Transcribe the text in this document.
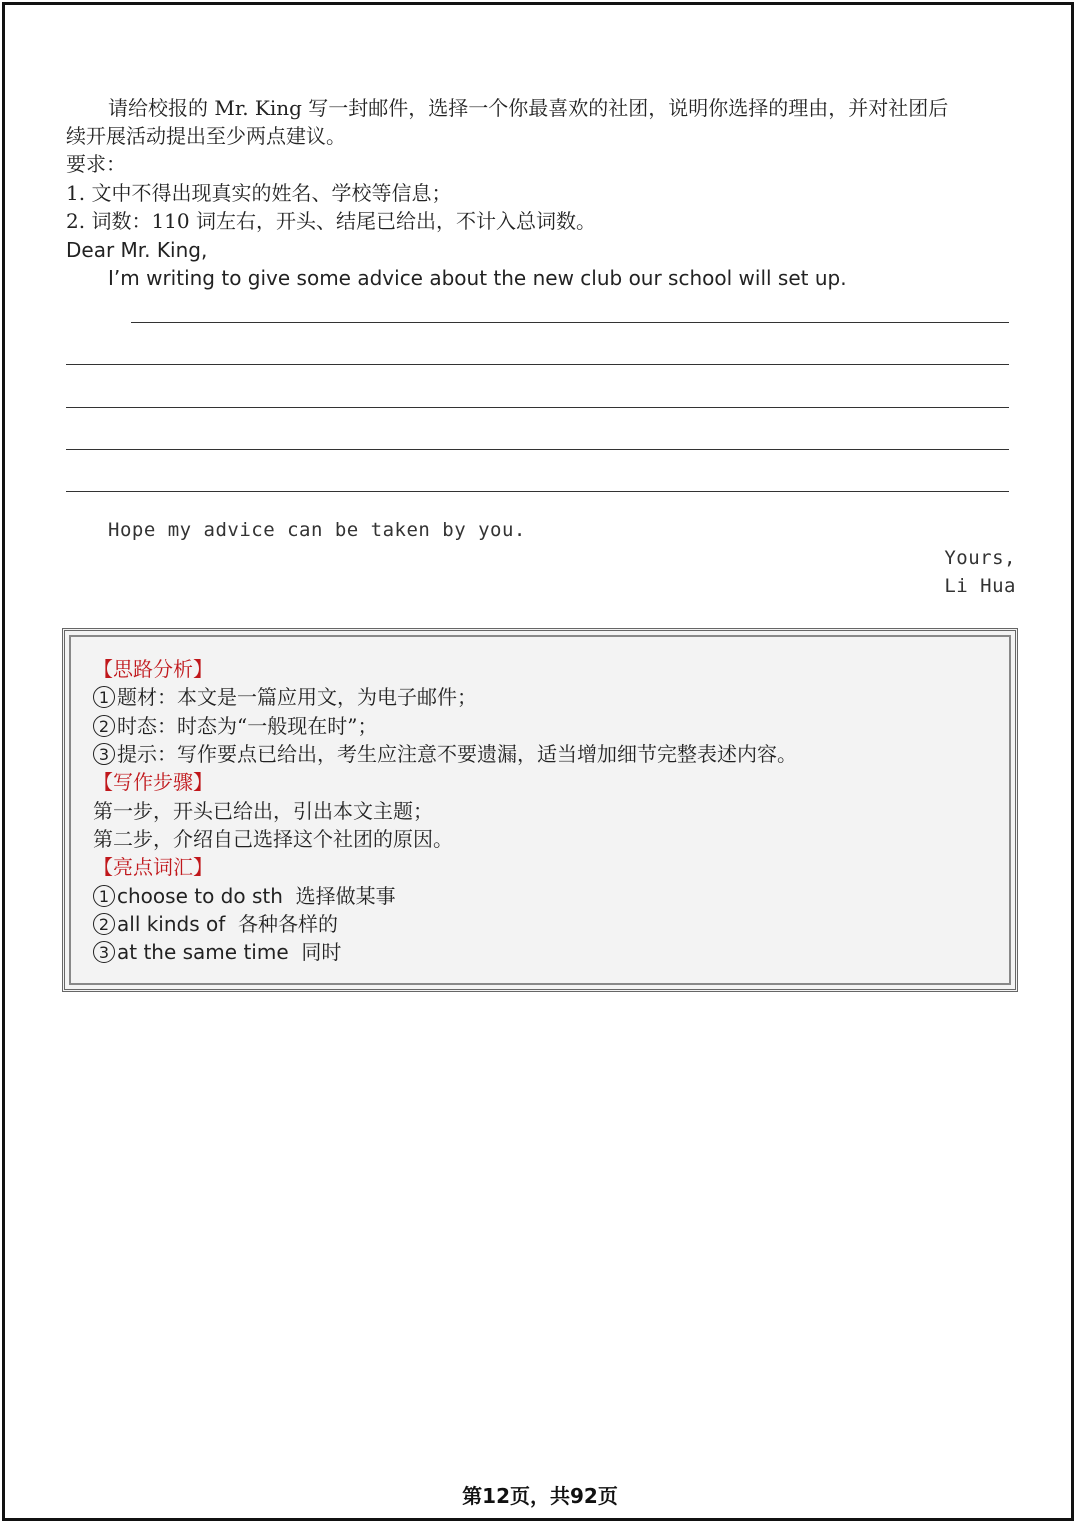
请给校报的 Mr. King 写一封邮件，选择一个你最喜欢的社团，说明你选择的理由，并对社团后
续开展活动提出至少两点建议。
要求：
1. 文中不得出现真实的姓名、学校等信息；
2. 词数：110 词左右，开头、结尾已给出，不计入总词数。
Dear Mr. King,
I’m writing to give some advice about the new club our school will set up.
Hope my advice can be taken by you.
Yours,
Li Hua
【思路分析】
1 题材：本文是一篇应用文，为电子邮件；
2 时态：时态为“一般现在时”；
3 提示：写作要点已给出，考生应注意不要遗漏，适当增加细节完整表述内容。
【写作步骤】
第一步，开头已给出，引出本文主题；
第二步，介绍自己选择这个社团的原因。
【亮点词汇】
1 choose to do sth 选择做某事
2 all kinds of 各种各样的
3 at the same time 同时
第12页，共92页
